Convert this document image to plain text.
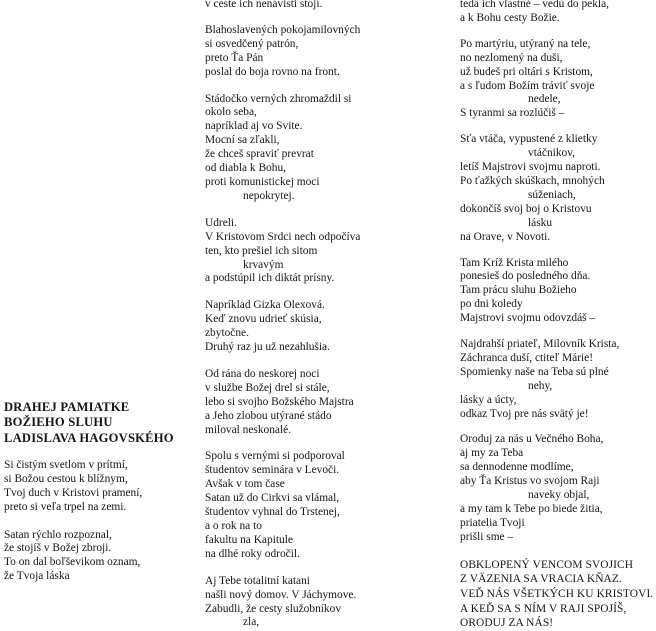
DRAHEJ PAMIATKE
BOŽIEHO SLUHU
LADISLAVA HAGOVSKÉHO
Si čistým svetlom v prítmí,
si Božou cestou k blížnym,
Tvoj duch v Kristovi pramení,
preto si veľa trpel na zemi.
Satan rýchlo rozpoznal,
že stojíš v Božej zbroji.
To on dal boľševikom oznam,
že Tvoja láska
v ceste ich nenávisti stojí.
Blahoslavených pokojamilovných
si osvedčený patrón,
preto Ťa Pán
poslal do boja rovno na front.
Stádočko verných zhromaždil si
okolo seba,
napríklad aj vo Svite.
Mocní sa zľakli,
že chceš spraviť prevrat
od diabla k Bohu,
proti komunistickej moci
nepokrytej.
Udreli.
V Kristovom Srdci nech odpočíva
ten, kto prešiel ich sitom
krvavým
a podstúpil ich diktát prísny.
Napríklad Gizka Olexová.
Keď znovu udrieť skúsia,
zbytočne.
Druhý raz ju už nezahlušia.
Od rána do neskorej noci
v službe Božej drel si stále,
lebo si svojho Božského Majstra
a Jeho zlobou utýrané stádo
miloval neskonalé.
Spolu s vernými si podporoval
študentov seminára v Levoči.
Avšak v tom čase
Satan už do Cirkvi sa vlámal,
študentov vyhnal do Trstenej,
a o rok na to
fakultu na Kapitule
na dlhé roky odročil.
Aj Tebe totalitní katani
našli nový domov. V Jáchymove.
Zabudli, že cesty služobníkov
zla,
teda ich vlastné – vedú do pekla,
a k Bohu cesty Božie.
Po martýriu, utýraný na tele,
no nezlomený na duši,
už budeš pri oltári s Kristom,
a s ľudom Božím tráviť svoje
nedele,
S tyranmi sa rozlúčiš –
Sťa vtáča, vypustené z klietky
vtáčnikov,
letíš Majstrovi svojmu naproti.
Po ťažkých skúškach, mnohých
súženiach,
dokončíš svoj boj o Kristovu
lásku
na Orave, v Novoti.
Tam Kríž Krista milého
ponesieš do posledného dňa.
Tam prácu sluhu Božieho
po dni koledy
Majstrovi svojmu odovzdáš –
Najdrahší priateľ, Milovník Krista,
Záchranca duší, ctiteľ Márie!
Spomienky naše na Teba sú plné
nehy,
lásky a úcty,
odkaz Tvoj pre nás svätý je!
Oroduj za nás u Večného Boha,
aj my za Teba
sa dennodenne modlíme,
aby Ťa Kristus vo svojom Raji
naveky objal,
a my tam k Tebe po biede žitia,
priatelia Tvoji
prišli sme –
OBKLOPENÝ VENCOM SVOJICH
Z VÄZENIA SA VRACIA KŇAZ.
VEĎ NÁS VŠETKÝCH KU KRISTOVI.
A KEĎ SA S NÍM V RAJI SPOJÍŠ,
ORODUJ ZA NÁS!
